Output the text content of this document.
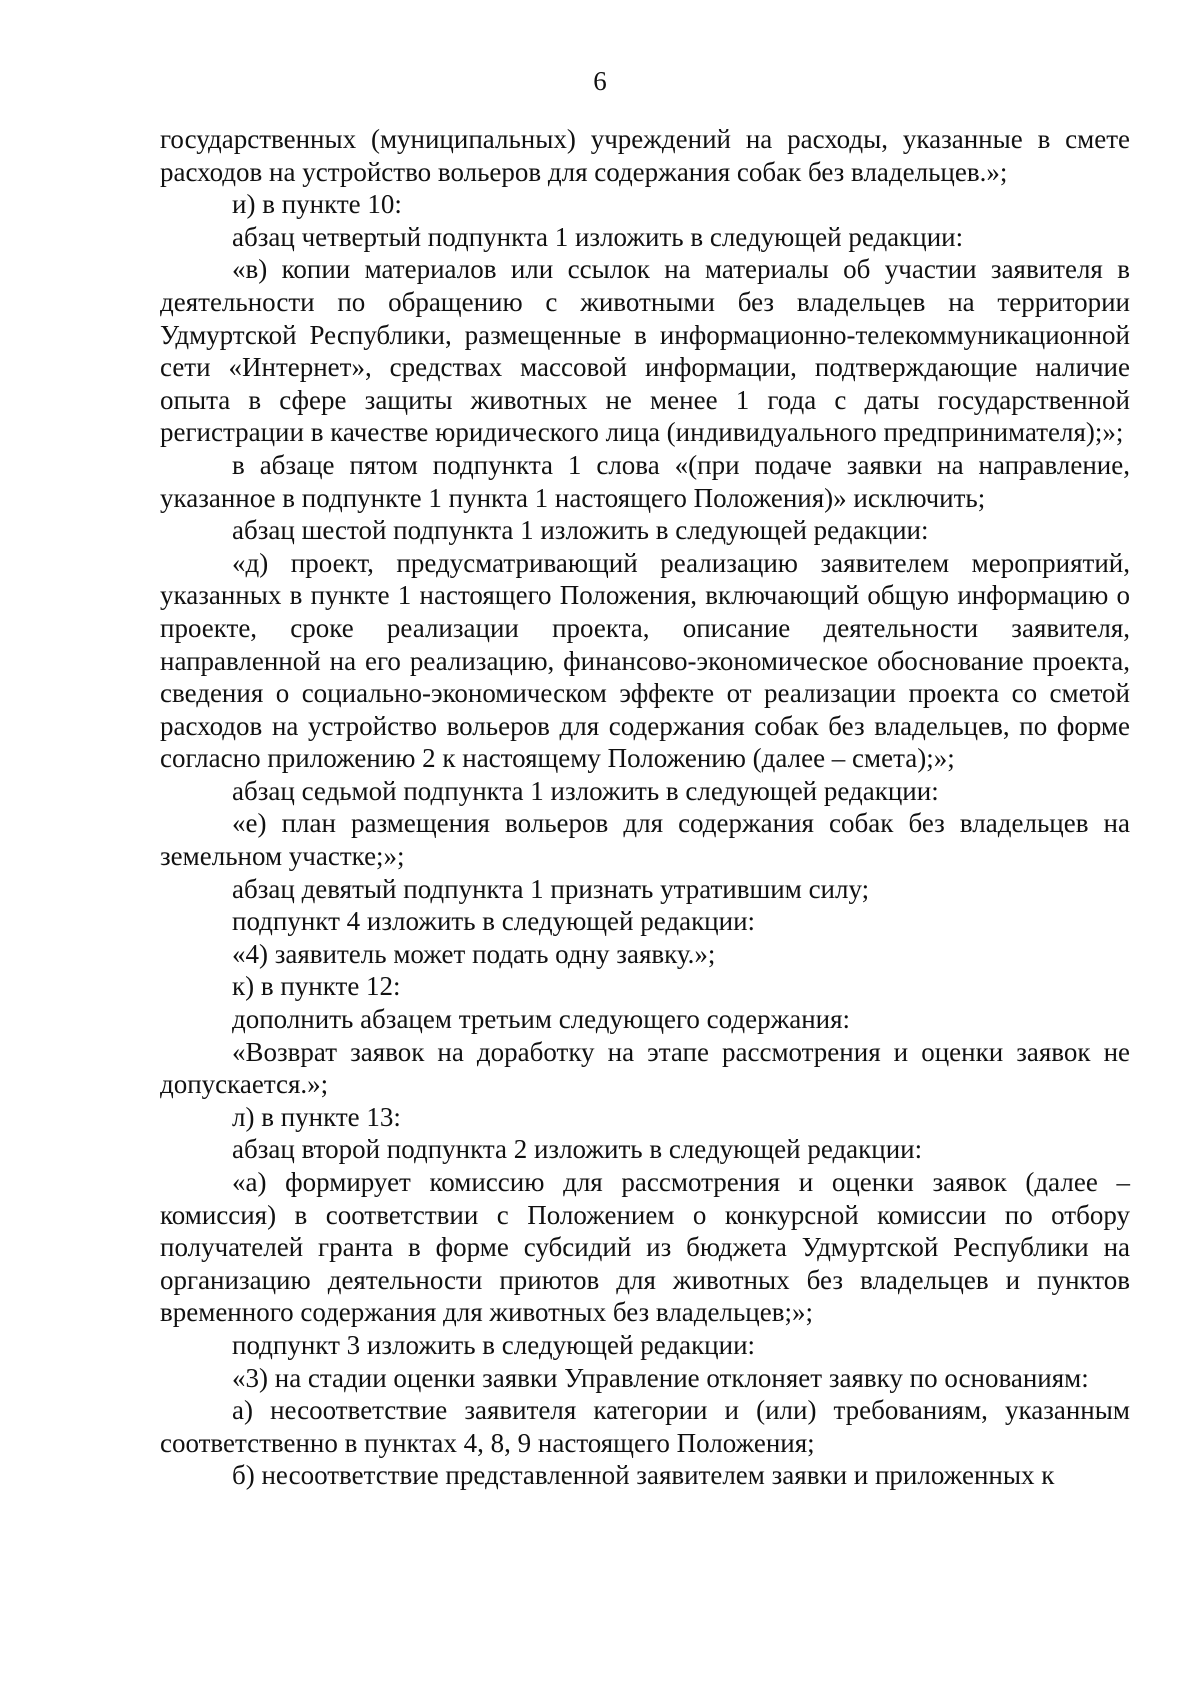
6

государственных (муниципальных) учреждений на расходы, указанные в смете расходов на устройство вольеров для содержания собак без владельцев.»;

и) в пункте 10:

абзац четвертый подпункта 1 изложить в следующей редакции:

«в) копии материалов или ссылок на материалы об участии заявителя в деятельности по обращению с животными без владельцев на территории Удмуртской Республики, размещенные в информационно-телекоммуникационной сети «Интернет», средствах массовой информации, подтверждающие наличие опыта в сфере защиты животных не менее 1 года с даты государственной регистрации в качестве юридического лица (индивидуального предпринимателя);»;

в абзаце пятом подпункта 1 слова «(при подаче заявки на направление, указанное в подпункте 1 пункта 1 настоящего Положения)» исключить;

абзац шестой подпункта 1 изложить в следующей редакции:

«д) проект, предусматривающий реализацию заявителем мероприятий, указанных в пункте 1 настоящего Положения, включающий общую информацию о проекте, сроке реализации проекта, описание деятельности заявителя, направленной на его реализацию, финансово-экономическое обоснование проекта, сведения о социально-экономическом эффекте от реализации проекта со сметой расходов на устройство вольеров для содержания собак без владельцев, по форме согласно приложению 2 к настоящему Положению (далее – смета);»;

абзац седьмой подпункта 1 изложить в следующей редакции:

«е) план размещения вольеров для содержания собак без владельцев на земельном участке;»;

абзац девятый подпункта 1 признать утратившим силу;

подпункт 4 изложить в следующей редакции:

«4) заявитель может подать одну заявку.»;

к) в пункте 12:

дополнить абзацем третьим следующего содержания:

«Возврат заявок на доработку на этапе рассмотрения и оценки заявок не допускается.»;

л) в пункте 13:

абзац второй подпункта 2 изложить в следующей редакции:

«а) формирует комиссию для рассмотрения и оценки заявок (далее – комиссия) в соответствии с Положением о конкурсной комиссии по отбору получателей гранта в форме субсидий из бюджета Удмуртской Республики на организацию деятельности приютов для животных без владельцев и пунктов временного содержания для животных без владельцев;»;

подпункт 3 изложить в следующей редакции:

«3) на стадии оценки заявки Управление отклоняет заявку по основаниям:

а) несоответствие заявителя категории и (или) требованиям, указанным соответственно в пунктах 4, 8, 9 настоящего Положения;

б) несоответствие представленной заявителем заявки и приложенных к
